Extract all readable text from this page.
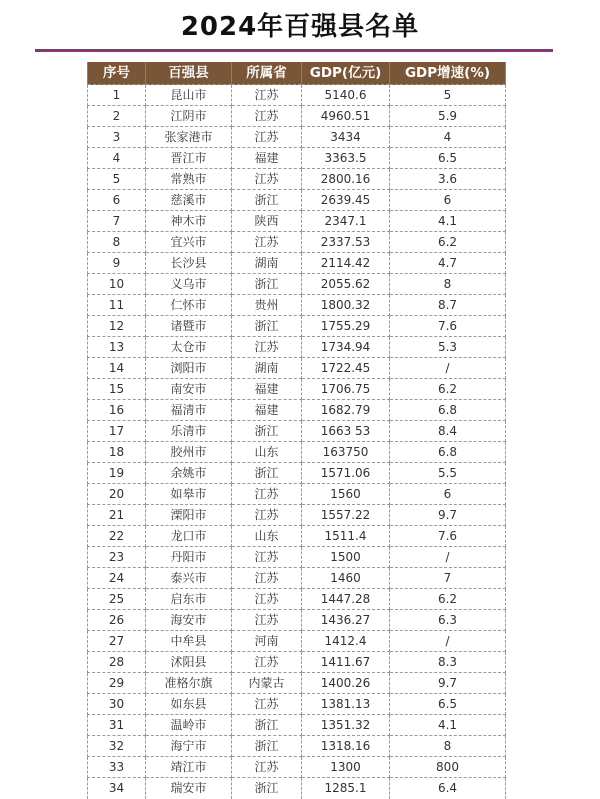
2024年百强县名单
序号	百强县	所属省	GDP(亿元)	GDP增速(%)
1	昆山市	江苏	5140.6	5
2	江阴市	江苏	4960.51	5.9
3	张家港市	江苏	3434	4
4	晋江市	福建	3363.5	6.5
5	常熟市	江苏	2800.16	3.6
6	慈溪市	浙江	2639.45	6
7	神木市	陕西	2347.1	4.1
8	宜兴市	江苏	2337.53	6.2
9	长沙县	湖南	2114.42	4.7
10	义乌市	浙江	2055.62	8
11	仁怀市	贵州	1800.32	8.7
12	诸暨市	浙江	1755.29	7.6
13	太仓市	江苏	1734.94	5.3
14	浏阳市	湖南	1722.45	/
15	南安市	福建	1706.75	6.2
16	福清市	福建	1682.79	6.8
17	乐清市	浙江	1663 53	8.4
18	胶州市	山东	163750	6.8
19	余姚市	浙江	1571.06	5.5
20	如皋市	江苏	1560	6
21	溧阳市	江苏	1557.22	9.7
22	龙口市	山东	1511.4	7.6
23	丹阳市	江苏	1500	/
24	泰兴市	江苏	1460	7
25	启东市	江苏	1447.28	6.2
26	海安市	江苏	1436.27	6.3
27	中牟县	河南	1412.4	/
28	沭阳县	江苏	1411.67	8.3
29	准格尔旗	内蒙古	1400.26	9.7
30	如东县	江苏	1381.13	6.5
31	温岭市	浙江	1351.32	4.1
32	海宁市	浙江	1318.16	8
33	靖江市	江苏	1300	800
34	瑞安市	浙江	1285.1	6.4
